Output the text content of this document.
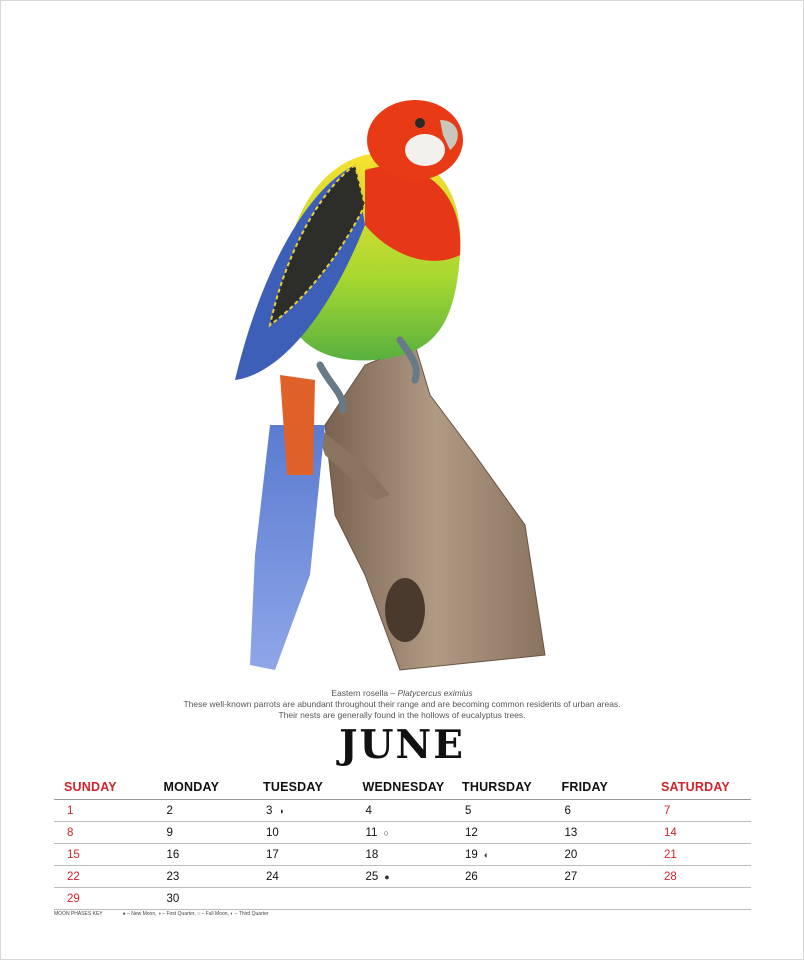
Eastern rosella – Platycercus eximius
These well-known parrots are abundant throughout their range and are becoming common residents of urban areas.
Their nests are generally found in the hollows of eucalyptus trees.
JUNE
SUNDAY	MONDAY	TUESDAY	WEDNESDAY	THURSDAY	FRIDAY	SATURDAY
1	2	3 ◑	4	5	6	7
8	9	10	11 ○	12	13	14
15	16	17	18	19 ◐	20	21
22	23	24	25 ●	26	27	28
29	30
MOON PHASES KEY	● – New Moon, ◑ – First Quarter, ○ – Full Moon, ◐ – Third Quarter
